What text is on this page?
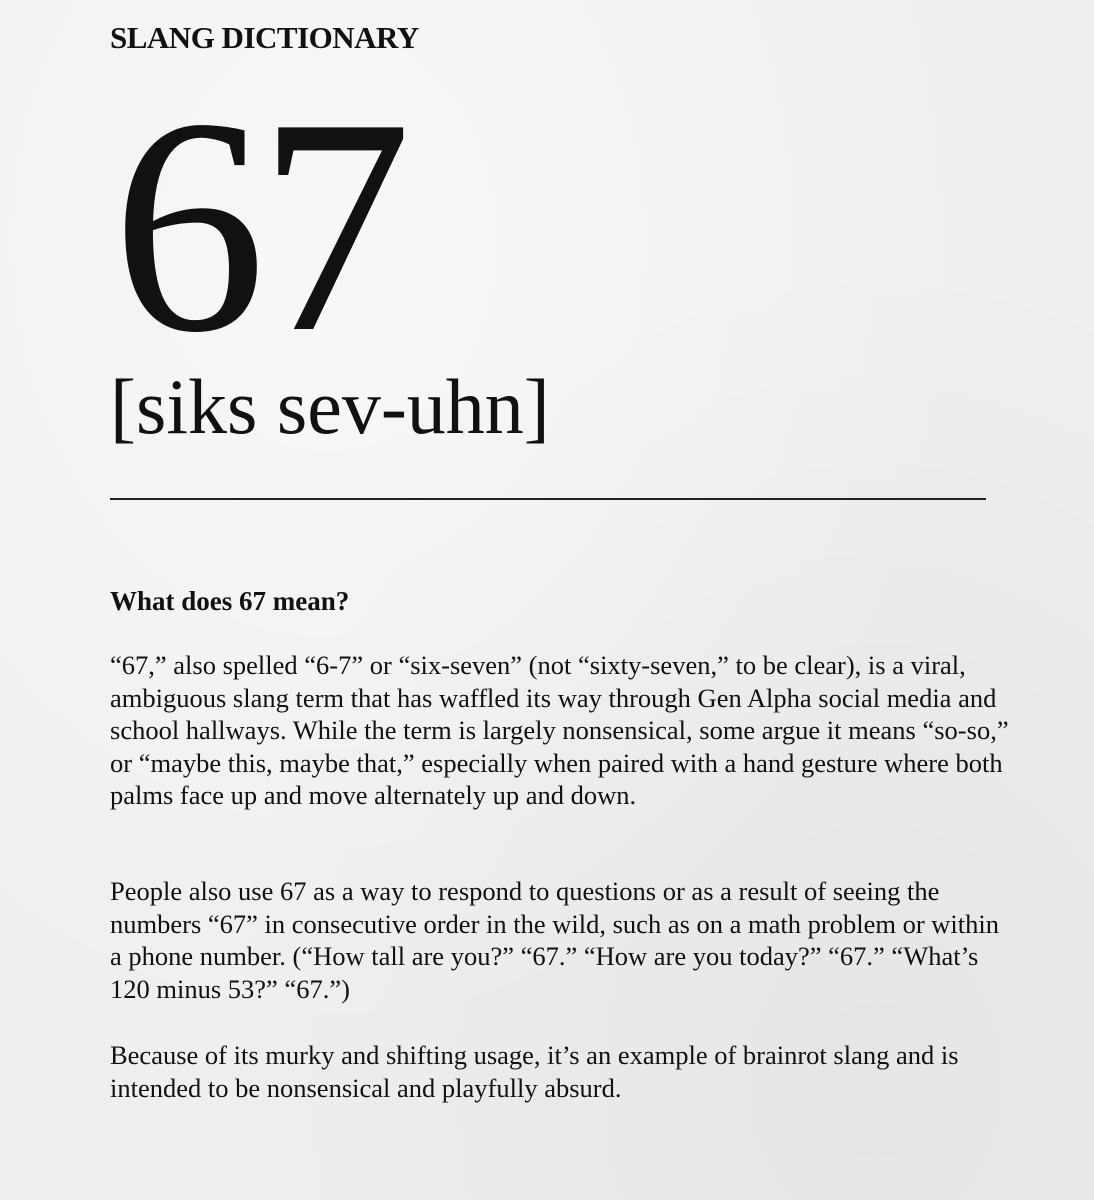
SLANG DICTIONARY
67
[siks sev-uhn]
What does 67 mean?

“67,” also spelled “6-7” or “six-seven” (not “sixty-seven,” to be clear), is a viral, ambiguous slang term that has waffled its way through Gen Alpha social media and school hallways. While the term is largely nonsensical, some argue it means “so-so,” or “maybe this, maybe that,” especially when paired with a hand gesture where both palms face up and move alternately up and down.

People also use 67 as a way to respond to questions or as a result of seeing the numbers “67” in consecutive order in the wild, such as on a math problem or within a phone number. (“How tall are you?” “67.” “How are you today?” “67.” “What’s 120 minus 53?” “67.”)

Because of its murky and shifting usage, it’s an example of brainrot slang and is intended to be nonsensical and playfully absurd.
